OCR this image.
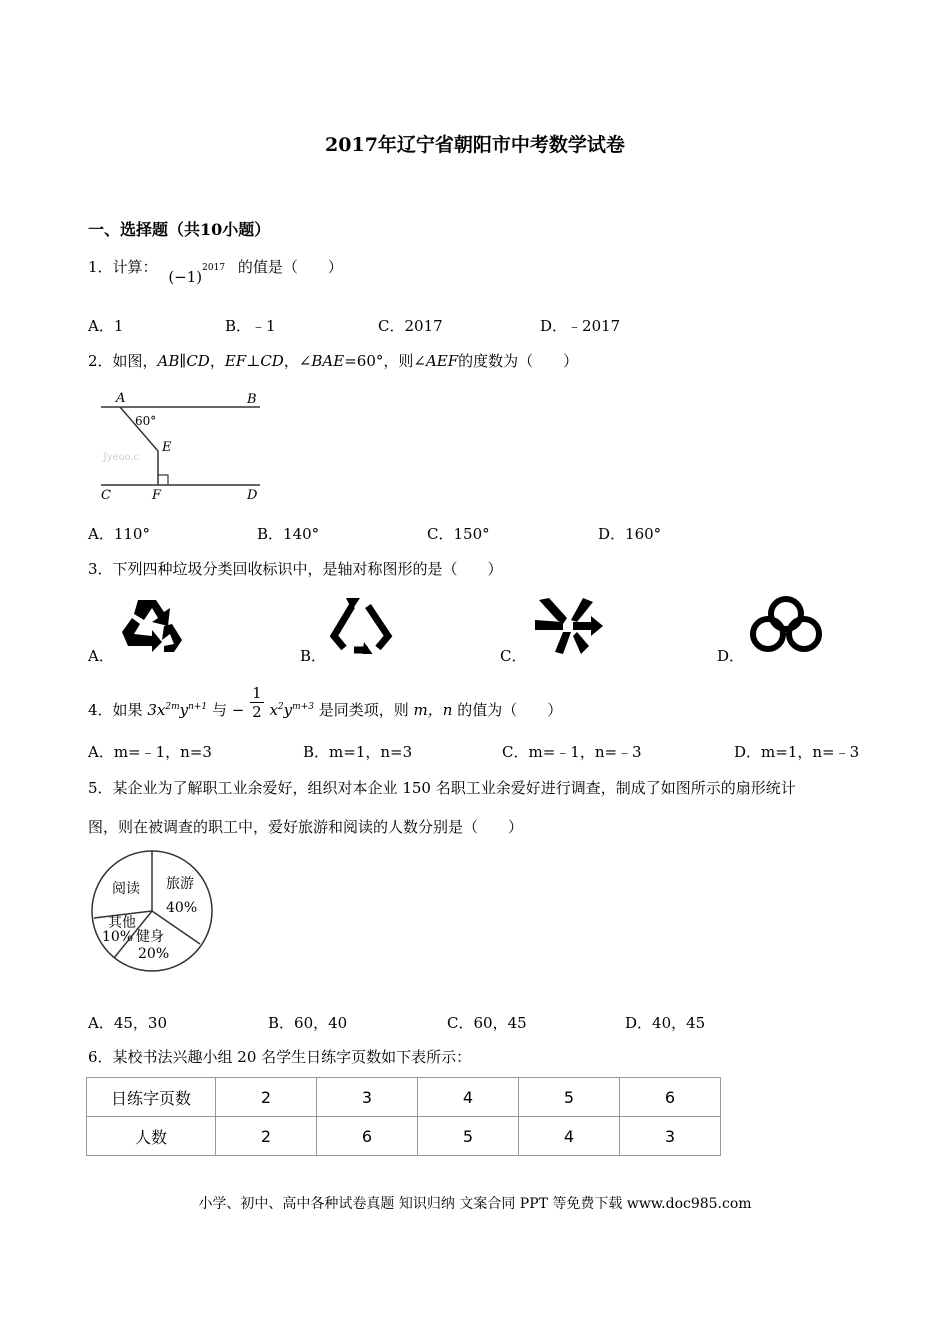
2017年辽宁省朝阳市中考数学试卷
一、选择题（共10小题）
1．计算： $(-1)^{2017}$ 的值是（　　）
A．1	B．﹣1	C．2017	D．﹣2017
2．如图，AB∥CD，EF⊥CD，∠BAE=60°，则∠AEF的度数为（　　）
A	B
C	D
E
F
60°
Jyeoo.c
A．110°	B．140°	C．150°	D．160°
3．下列四种垃圾分类回收标识中，是轴对称图形的是（　　）
A．	B．	C．	D．
4．如果 $3x^{2m}y^{n+1}$ 与 − $\frac{1}{2} x^2y^{m+3}$ 是同类项，则 m，n 的值为（　　）
A．m=﹣1，n=3	B．m=1，n=3	C．m=﹣1，n=﹣3	D．m=1，n=﹣3
5．某企业为了解职工业余爱好，组织对本企业 150 名职工业余爱好进行调查，制成了如图所示的扇形统计
图，则在被调查的职工中，爱好旅游和阅读的人数分别是（　　）
阅读 旅游
40%
其他
10% 健身
20%
A．45，30	B．60，40	C．60，45	D．40，45
6．某校书法兴趣小组 20 名学生日练字页数如下表所示：
日练字页数	2	3	4	5	6
人数	2	6	5	4	3
小学、初中、高中各种试卷真题 知识归纳 文案合同 PPT 等免费下载 www.doc985.com
